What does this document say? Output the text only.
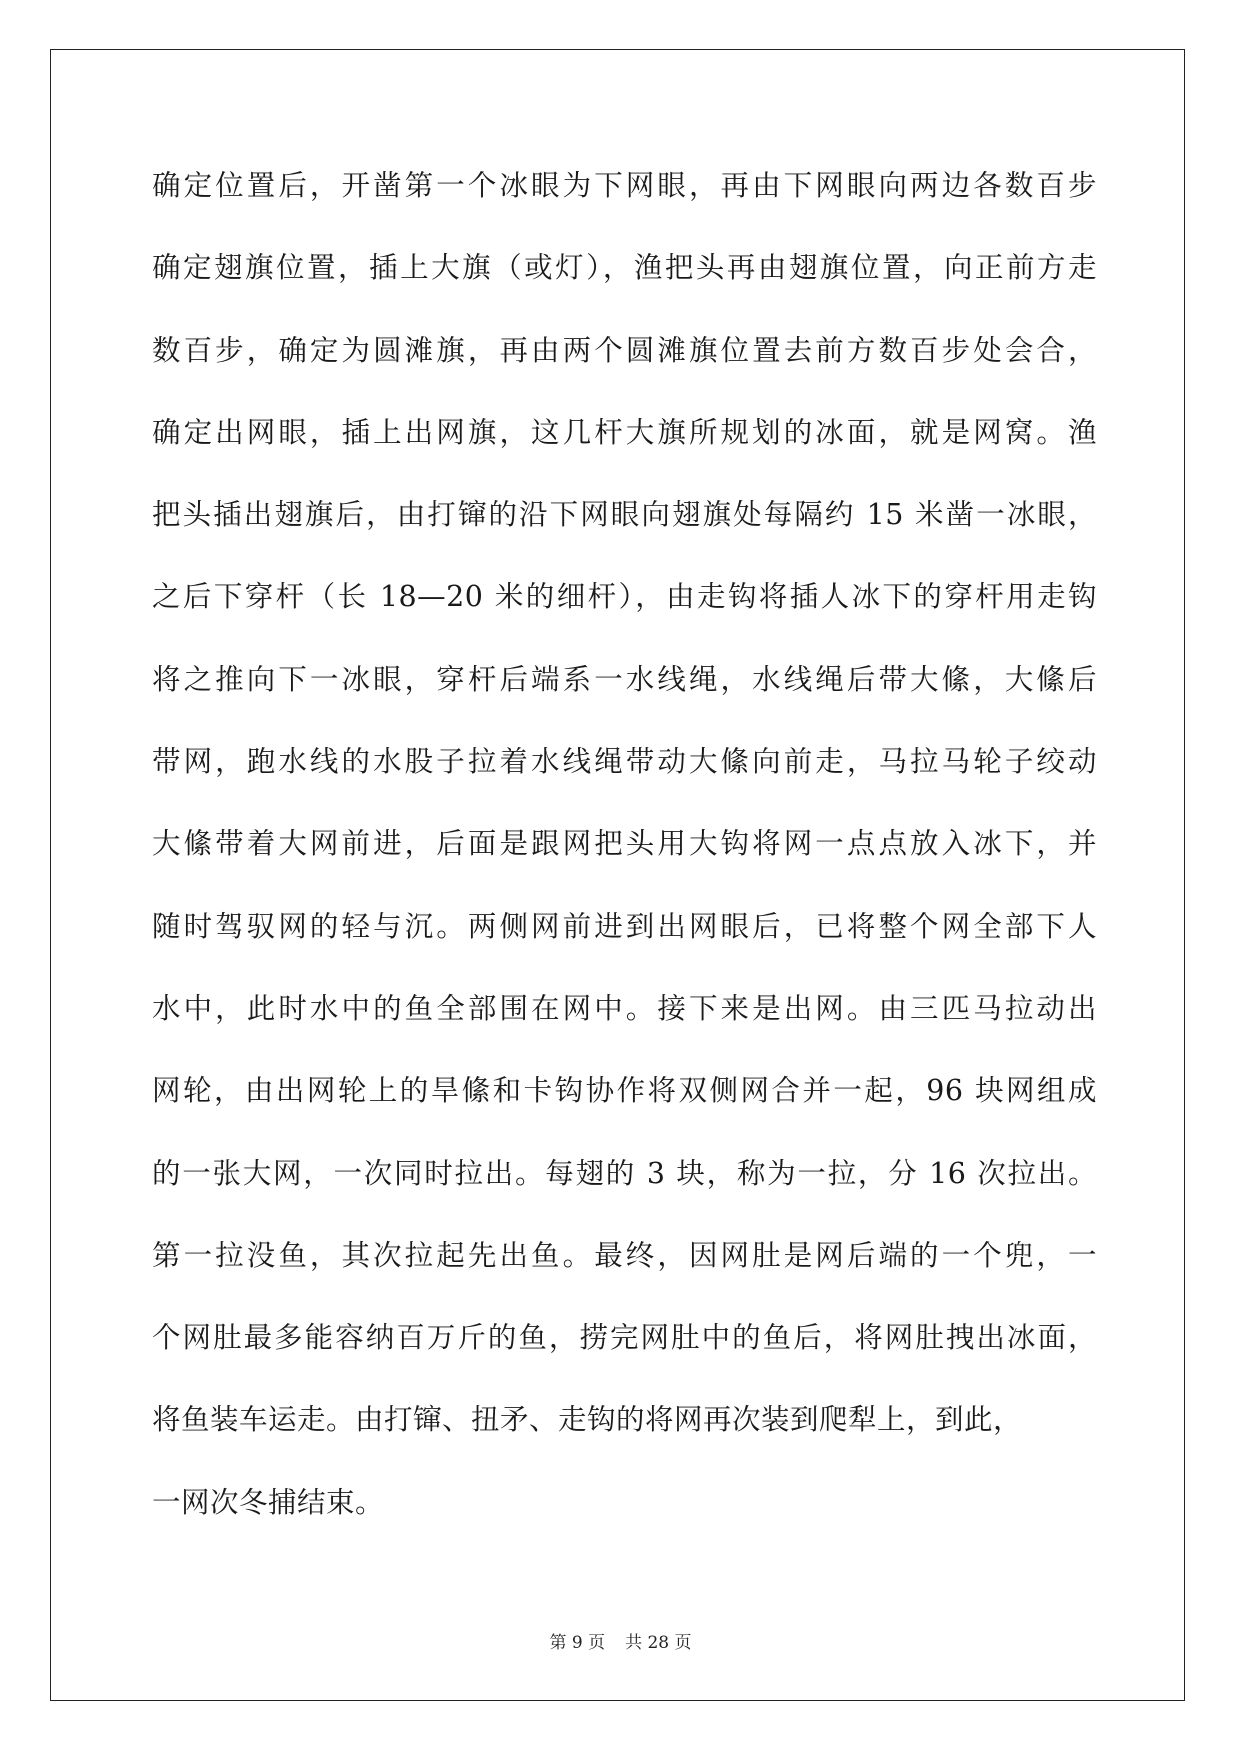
确定位置后，开凿第一个冰眼为下网眼，再由下网眼向两边各数百步
确定翅旗位置，插上大旗（或灯），渔把头再由翅旗位置，向正前方走
数百步，确定为圆滩旗，再由两个圆滩旗位置去前方数百步处会合，
确定出网眼，插上出网旗，这几杆大旗所规划的冰面，就是网窝。渔
把头插出翅旗后，由打镩的沿下网眼向翅旗处每隔约 15 米凿一冰眼，
之后下穿杆（长 18—20 米的细杆），由走钩将插人冰下的穿杆用走钩
将之推向下一冰眼，穿杆后端系一水线绳，水线绳后带大絛，大絛后
带网，跑水线的水股子拉着水线绳带动大絛向前走，马拉马轮子绞动
大絛带着大网前进，后面是跟网把头用大钩将网一点点放入冰下，并
随时驾驭网的轻与沉。两侧网前进到出网眼后，已将整个网全部下人
水中，此时水中的鱼全部围在网中。接下来是出网。由三匹马拉动出
网轮，由出网轮上的旱絛和卡钩协作将双侧网合并一起，96 块网组成
的一张大网，一次同时拉出。每翅的 3 块，称为一拉，分 16 次拉出。
第一拉没鱼，其次拉起先出鱼。最终，因网肚是网后端的一个兜，一
个网肚最多能容纳百万斤的鱼，捞完网肚中的鱼后，将网肚拽出冰面，
将鱼装车运走。由打镩、扭矛、走钩的将网再次装到爬犁上，到此，
一网次冬捕结束。
第 9 页 共 28 页
